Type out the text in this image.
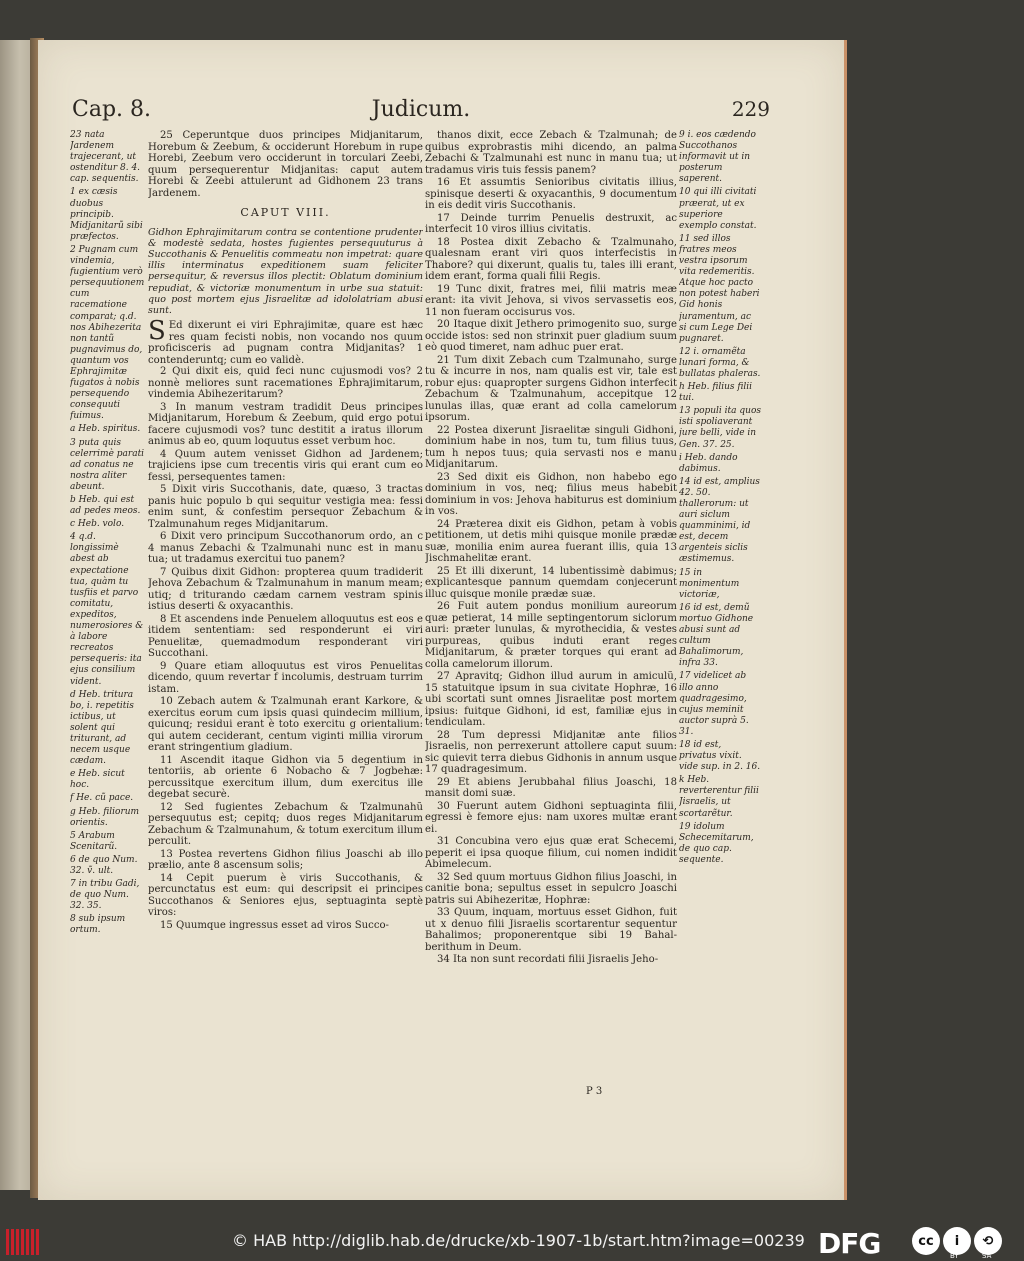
Cap. 8.	Judicum.	229

23 nata Jardenem trajecerant, ut ostenditur 8. 4. cap. sequentis.

1 ex cæsis duobus principib. Midjanitarũ sibi præfectos.

2 Pugnam cum vindemia, fugientium verò persequutionem cum racematione comparat; q.d. nos Abihezerita non tantũ pugnavimus do, quantum vos Ephrajimitæ fugatos à nobis persequendo consequuti fuimus.

a Heb. spiritus.

3 puta quis celerrimè parati ad conatus ne nostra aliter abeunt.

b Heb. qui est ad pedes meos.

c Heb. volo.

4 q.d. longissimè abest ab expectatione tua, quàm tu tusfiis et parvo comitatu, expeditos, numerosiores & à labore recreatos persequeris: ita ejus consilium vident.

d Heb. tritura bo, i. repetitis ictibus, ut solent qui triturant, ad necem usque cædam.

e Heb. sicut hoc.

f He. cũ pace.

g Heb. filiorum orientis.

5 Arabum Scenitarũ.

6 de quo Num. 32. ṽ. ult.

7 in tribu Gadi, de quo Num. 32. 35.

8 sub ipsum ortum.

25 Ceperuntque duos principes Midjanitarum, Horebum & Zeebum, & occiderunt Horebum in rupe Horebi, Zeebum vero occiderunt in torculari Zeebi, quum persequerentur Midjanitas: caput autem Horebi & Zeebi attulerunt ad Gidhonem 23 trans Jardenem.

CAPUT VIII.

Gidhon Ephrajimitarum contra se contentione prudenter & modestè sedata, hostes fugientes persequuturus à Succothanis & Penuelitis commeatu non impetrat: quare illis interminatus expeditionem suam feliciter persequitur, & reversus illos plectit: Oblatum dominium repudiat, & victoriæ monumentum in urbe sua statuit: quo post mortem ejus Jisraelitæ ad idololatriam abusi sunt.

S Ed dixerunt ei viri Ephrajimitæ, quare est hæc res quam fecisti nobis, non vocando nos quum proficisceris ad pugnam contra Midjanitas? 1 contenderuntq; cum eo validè.

2 Qui dixit eis, quid feci nunc cujusmodi vos? 2 nonnè meliores sunt racemationes Ephrajimitarum, vindemia Abihezeritarum?

3 In manum vestram tradidit Deus principes Midjanitarum, Horebum & Zeebum, quid ergo potui facere cujusmodi vos? tunc destitit a iratus illorum animus ab eo, quum loquutus esset verbum hoc.

4 Quum autem venisset Gidhon ad Jardenem; trajiciens ipse cum trecentis viris qui erant cum eo fessi, persequentes tamen:

5 Dixit viris Succothanis, date, quæso, 3 tractas panis huic populo b qui sequitur vestigia mea: fessi enim sunt, & confestim persequor Zebachum & Tzalmunahum reges Midjanitarum.

6 Dixit vero principum Succothanorum ordo, an c 4 manus Zebachi & Tzalmunahi nunc est in manu tua; ut tradamus exercitui tuo panem?

7 Quibus dixit Gidhon: propterea quum tradiderit Jehova Zebachum & Tzalmunahum in manum meam; utiq; d triturando cædam carnem vestram spinis istius deserti & oxyacanthis.

8 Et ascendens inde Penuelem alloquutus est eos e itidem sententiam: sed responderunt ei viri Penuelitæ, quemadmodum responderant viri Succothani.

9 Quare etiam alloquutus est viros Penuelitas dicendo, quum revertar f incolumis, destruam turrim istam.

10 Zebach autem & Tzalmunah erant Karkore, & exercitus eorum cum ipsis quasi quindecim millium, quicunq; residui erant è toto exercitu g orientalium: qui autem ceciderant, centum viginti millia virorum erant stringentium gladium.

11 Ascendit itaque Gidhon via 5 degentium in tentoriis, ab oriente 6 Nobacho & 7 Jogbehæ: percussitque exercitum illum, dum exercitus ille degebat securè.

12 Sed fugientes Zebachum & Tzalmunahũ persequutus est; cepitq; duos reges Midjanitarum Zebachum & Tzalmunahum, & totum exercitum illum perculit.

13 Postea revertens Gidhon filius Joaschi ab illo prælio, ante 8 ascensum solis;

14 Cepit puerum è viris Succothanis, & percunctatus est eum: qui descripsit ei principes Succothanos & Seniores ejus, septuaginta septè viros:

15 Quumque ingressus esset ad viros Succo-

thanos dixit, ecce Zebach & Tzalmunah; de quibus exprobrastis mihi dicendo, an palma Zebachi & Tzalmunahi est nunc in manu tua; ut tradamus viris tuis fessis panem?

16 Et assumtis Senioribus civitatis illius, spinisque deserti & oxyacanthis, 9 documentum in eis dedit viris Succothanis.

17 Deinde turrim Penuelis destruxit, ac interfecit 10 viros illius civitatis.

18 Postea dixit Zebacho & Tzalmunaho, qualesnam erant viri quos interfecistis in Thabore? qui dixerunt, qualis tu, tales illi erant, idem erant, forma quali filii Regis.

19 Tunc dixit, fratres mei, filii matris meæ erant: ita vivit Jehova, si vivos servassetis eos, 11 non fueram occisurus vos.

20 Itaque dixit Jethero primogenito suo, surge occide istos: sed non strinxit puer gladium suum eò quod timeret, nam adhuc puer erat.

21 Tum dixit Zebach cum Tzalmunaho, surge tu & incurre in nos, nam qualis est vir, tale est robur ejus: quapropter surgens Gidhon interfecit Zebachum & Tzalmunahum, accepitque 12 lunulas illas, quæ erant ad colla camelorum ipsorum.

22 Postea dixerunt Jisraelitæ singuli Gidhoni, dominium habe in nos, tum tu, tum filius tuus, tum h nepos tuus; quia servasti nos e manu Midjanitarum.

23 Sed dixit eis Gidhon, non habebo ego dominium in vos, neq; filius meus habebit dominium in vos: Jehova habiturus est dominium in vos.

24 Præterea dixit eis Gidhon, petam à vobis petitionem, ut detis mihi quisque monile prædæ suæ, monilia enim aurea fuerant illis, quia 13 Jischmahelitæ erant.

25 Et illi dixerunt, 14 lubentissimè dabimus; explicantesque pannum quemdam conjecerunt illuc quisque monile prædæ suæ.

26 Fuit autem pondus monilium aureorum quæ petierat, 14 mille septingentorum siclorum auri: præter lunulas, & myrothecidia, & vestes purpureas, quibus induti erant reges Midjanitarum, & præter torques qui erant ad colla camelorum illorum.

27 Apravitq; Gidhon illud aurum in amiculũ, 15 statuitque ipsum in sua civitate Hophræ, 16 ubi scortati sunt omnes Jisraelitæ post mortem ipsius: fuitque Gidhoni, id est, familiæ ejus in tendiculam.

28 Tum depressi Midjanitæ ante filios Jisraelis, non perrexerunt attollere caput suum: sic quievit terra diebus Gidhonis in annum usque 17 quadragesimum.

29 Et abiens Jerubbahal filius Joaschi, 18 mansit domi suæ.

30 Fuerunt autem Gidhoni septuaginta filii, egressi è femore ejus: nam uxores multæ erant ei.

31 Concubina vero ejus quæ erat Schecemi, peperit ei ipsa quoque filium, cui nomen indidit Abimelecum.

32 Sed quum mortuus Gidhon filius Joaschi, in canitie bona; sepultus esset in sepulcro Joaschi patris sui Abihezeritæ, Hophræ:

33 Quum, inquam, mortuus esset Gidhon, fuit ut x denuo filii Jisraelis scortarentur sequentur Bahalimos; proponerentque sibi 19 Bahal-berithum in Deum.

34 Ita non sunt recordati filii Jisraelis Jeho-

9 i. eos cædendo Succothanos informavit ut in posterum saperent.

10 qui illi civitati præerat, ut ex superiore exemplo constat.

11 sed illos fratres meos vestra ipsorum vita redemeritis. Atque hoc pacto non potest haberi Gid honis juramentum, ac si cum Lege Dei pugnaret.

12 i. ornamẽta lunari forma, & bullatas phaleras.

h Heb. filius filii tui.

13 populi ita quos isti spoliaverant jure belli, vide in Gen. 37. 25.

i Heb. dando dabimus.

14 id est, amplius 42. 50. thallerorum: ut auri siclum quamminimi, id est, decem argenteis siclis æstimemus.

15 in monimentum victoriæ,

16 id est, demũ mortuo Gidhone abusi sunt ad cultum Bahalimorum, infra 33.

17 videlicet ab illo anno quadragesimo, cujus meminit auctor suprà 5. 31.

18 id est, privatus vixit. vide sup. in 2. 16.

k Heb. reverterentur filii Jisraelis, ut scortarẽtur.

19 idolum Schecemitarum, de quo cap. sequente.

P 3
© HAB http://diglib.hab.de/drucke/xb-1907-1b/start.htm?image=00239 DFG	cc	i	⟲
BY	SA
